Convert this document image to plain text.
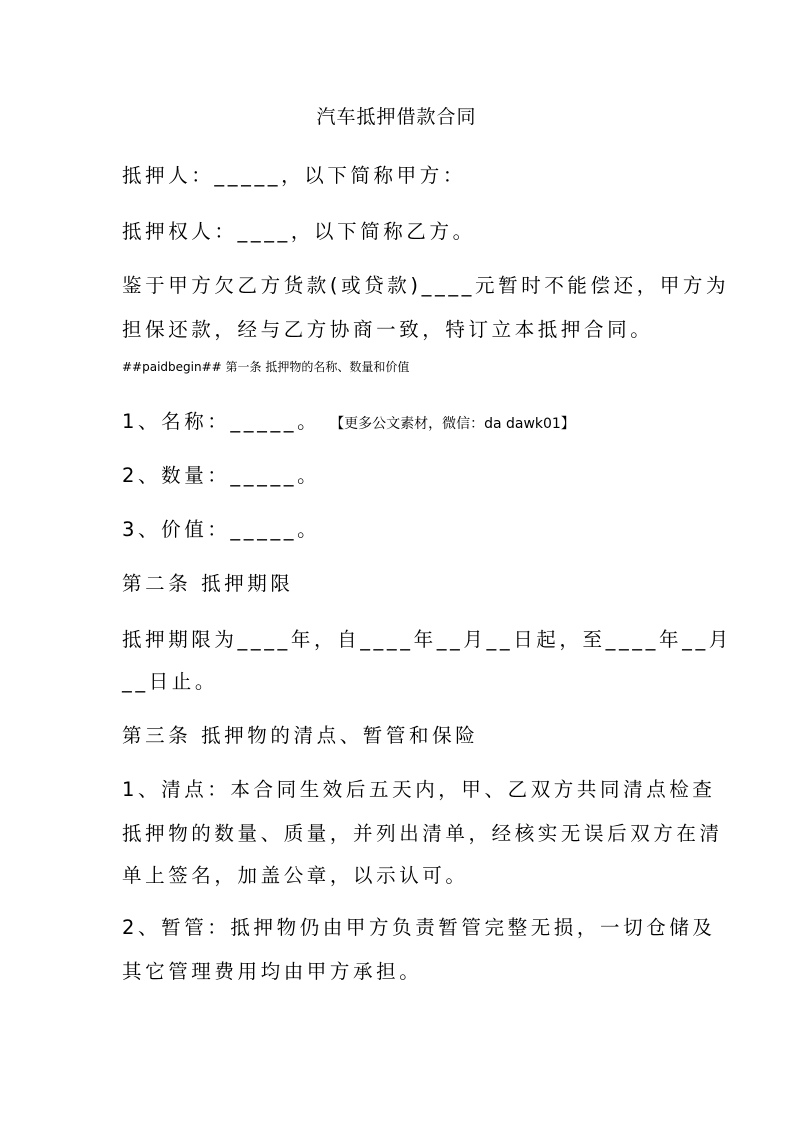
汽车抵押借款合同
抵押人：_____，以下简称甲方：
抵押权人：____，以下简称乙方。
鉴于甲方欠乙方货款(或贷款)____元暂时不能偿还，甲方为
担保还款，经与乙方协商一致，特订立本抵押合同。
##paidbegin## 第一条 抵押物的名称、数量和价值
1、名称：_____。 【更多公文素材，微信：da dawk01】
2、数量：_____。
3、价值：_____。
第二条 抵押期限
抵押期限为____年，自____年__月__日起，至____年__月
__日止。
第三条 抵押物的清点、暂管和保险
1、清点：本合同生效后五天内，甲、乙双方共同清点检查
抵押物的数量、质量，并列出清单，经核实无误后双方在清
单上签名，加盖公章，以示认可。
2、暂管：抵押物仍由甲方负责暂管完整无损，一切仓储及
其它管理费用均由甲方承担。
